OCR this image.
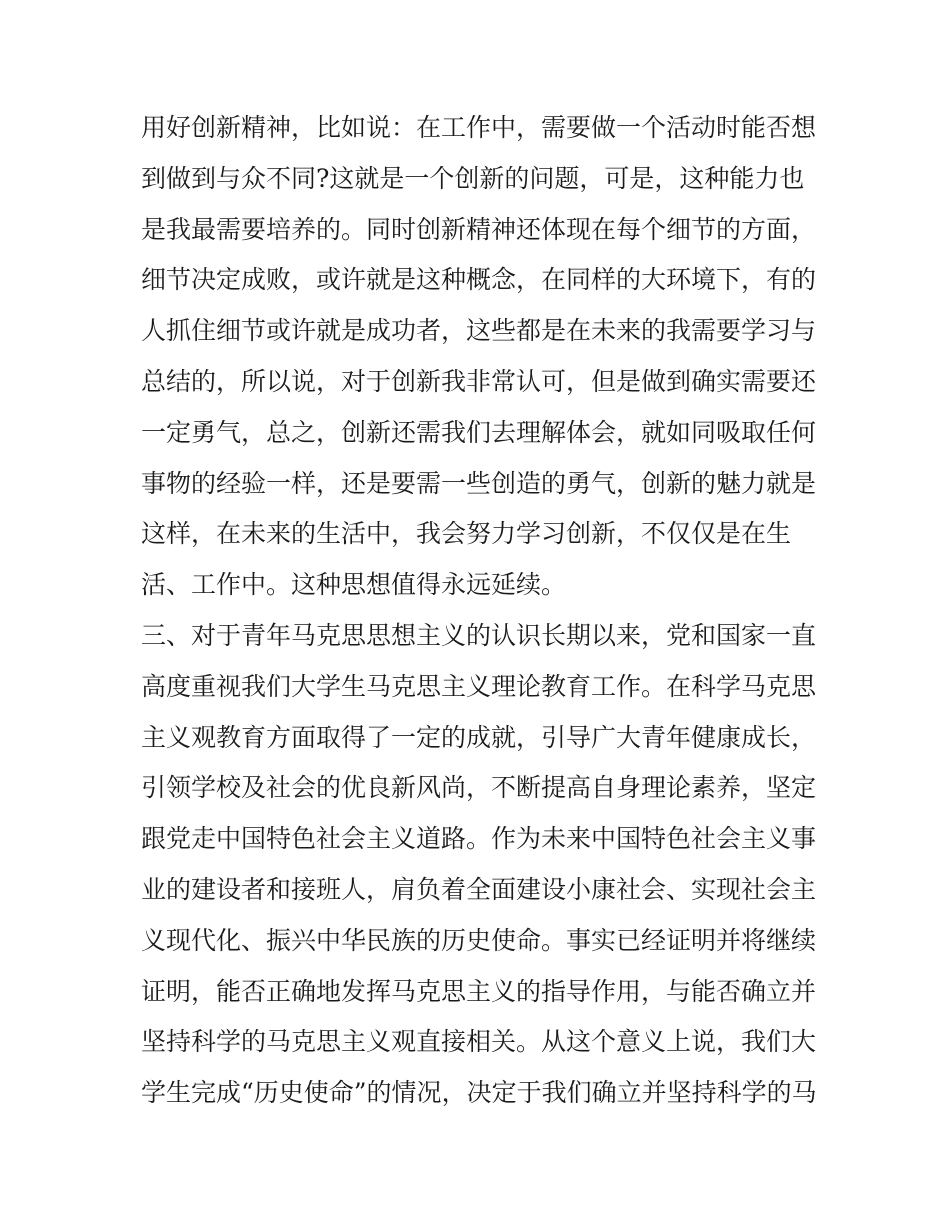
用好创新精神，比如说：在工作中，需要做一个活动时能否想
到做到与众不同?这就是一个创新的问题，可是，这种能力也
是我最需要培养的。同时创新精神还体现在每个细节的方面，
细节决定成败，或许就是这种概念，在同样的大环境下，有的
人抓住细节或许就是成功者，这些都是在未来的我需要学习与
总结的，所以说，对于创新我非常认可，但是做到确实需要还
一定勇气，总之，创新还需我们去理解体会，就如同吸取任何
事物的经验一样，还是要需一些创造的勇气，创新的魅力就是
这样，在未来的生活中，我会努力学习创新，不仅仅是在生
活、工作中。这种思想值得永远延续。
三、对于青年马克思思想主义的认识长期以来，党和国家一直
高度重视我们大学生马克思主义理论教育工作。在科学马克思
主义观教育方面取得了一定的成就，引导广大青年健康成长，
引领学校及社会的优良新风尚，不断提高自身理论素养，坚定
跟党走中国特色社会主义道路。作为未来中国特色社会主义事
业的建设者和接班人，肩负着全面建设小康社会、实现社会主
义现代化、振兴中华民族的历史使命。事实已经证明并将继续
证明，能否正确地发挥马克思主义的指导作用，与能否确立并
坚持科学的马克思主义观直接相关。从这个意义上说，我们大
学生完成“历史使命”的情况，决定于我们确立并坚持科学的马
